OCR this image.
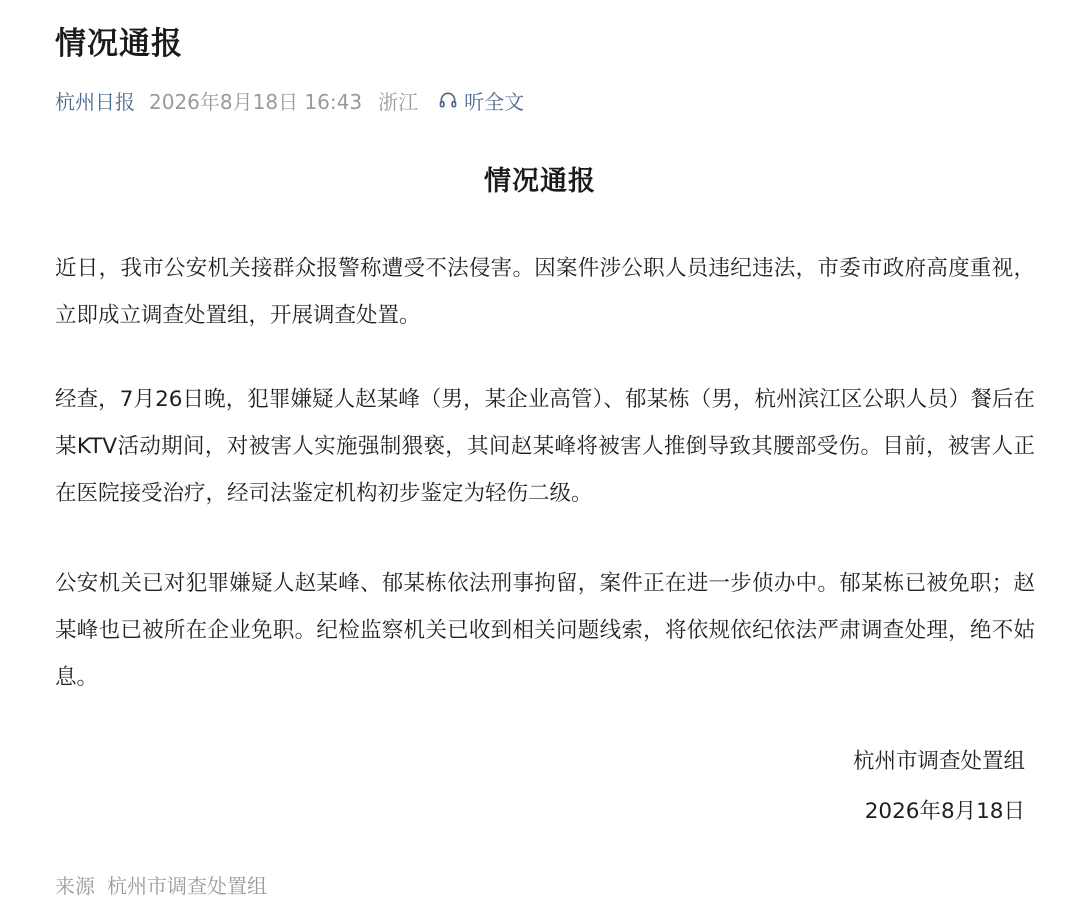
情况通报
杭州日报 2026年8月18日 16:43 浙江 听全文
情况通报

近日，我市公安机关接群众报警称遭受不法侵害。因案件涉公职人员违纪违法，市委市政府高度重视，立即成立调查处置组，开展调查处置。

经查，7月26日晚，犯罪嫌疑人赵某峰（男，某企业高管）、郁某栋（男，杭州滨江区公职人员）餐后在某KTV活动期间，对被害人实施强制猥亵，其间赵某峰将被害人推倒导致其腰部受伤。目前，被害人正在医院接受治疗，经司法鉴定机构初步鉴定为轻伤二级。

公安机关已对犯罪嫌疑人赵某峰、郁某栋依法刑事拘留，案件正在进一步侦办中。郁某栋已被免职；赵某峰也已被所在企业免职。纪检监察机关已收到相关问题线索，将依规依纪依法严肃调查处理，绝不姑息。

杭州市调查处置组
2026年8月18日
来源 杭州市调查处置组
